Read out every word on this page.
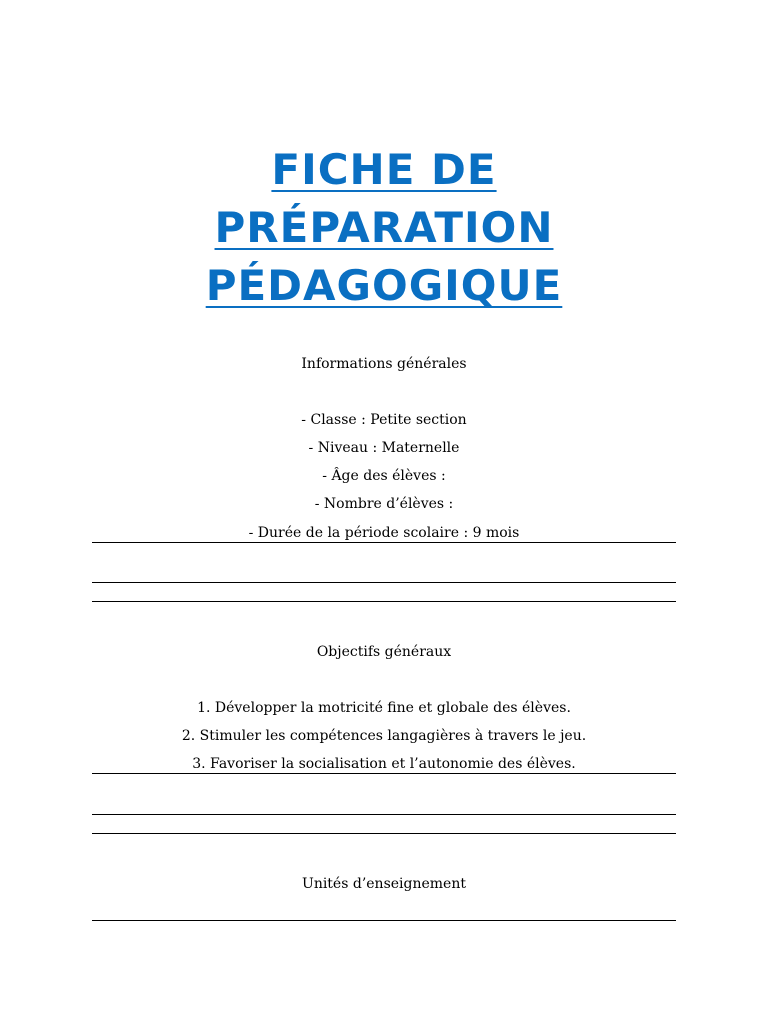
FICHE DE
PRÉPARATION
PÉDAGOGIQUE
Informations générales
- Classe : Petite section
- Niveau : Maternelle
- Âge des élèves :
- Nombre d’élèves :
- Durée de la période scolaire : 9 mois
Objectifs généraux
1. Développer la motricité fine et globale des élèves.
2. Stimuler les compétences langagières à travers le jeu.
3. Favoriser la socialisation et l’autonomie des élèves.
Unités d’enseignement
